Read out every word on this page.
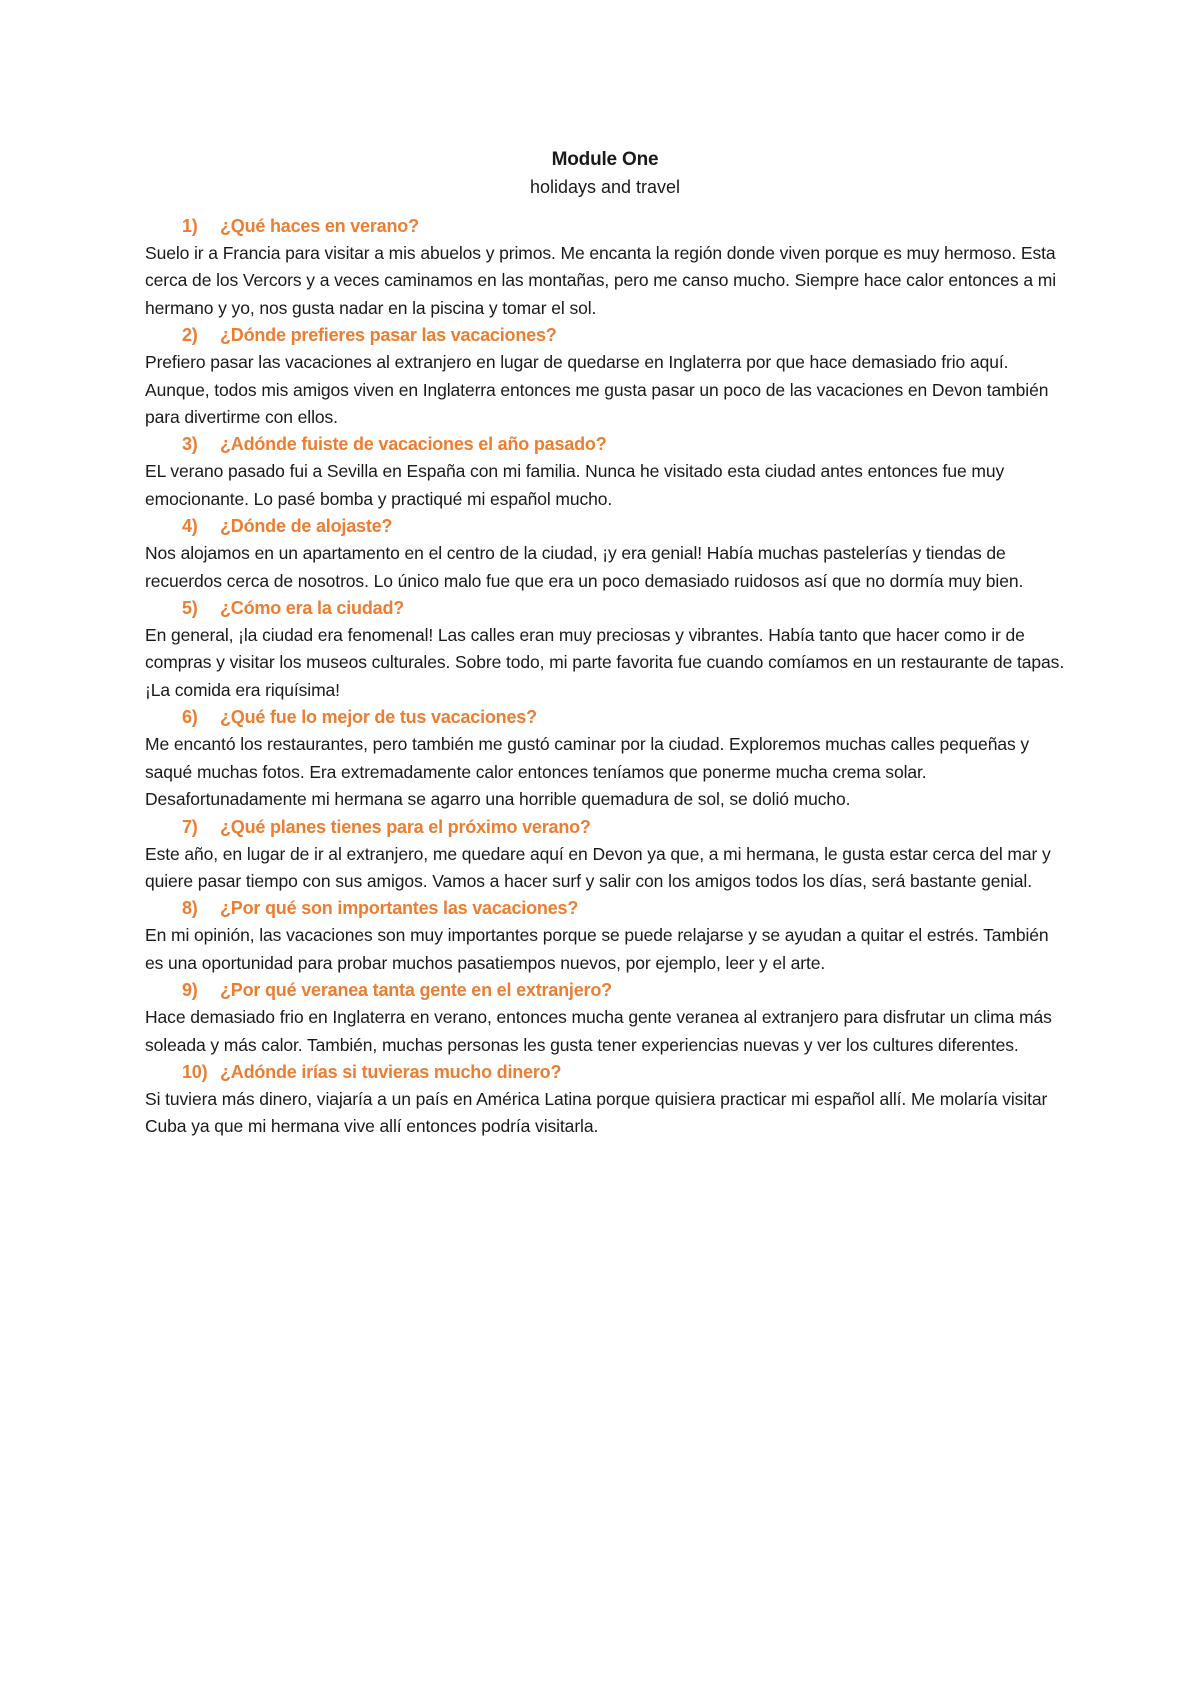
Module One

holidays and travel

1)	¿Qué haces en verano?

Suelo ir a Francia para visitar a mis abuelos y primos. Me encanta la región donde viven porque es muy hermoso. Esta cerca de los Vercors y a veces caminamos en las montañas, pero me canso mucho. Siempre hace calor entonces a mi hermano y yo, nos gusta nadar en la piscina y tomar el sol.

2)	¿Dónde prefieres pasar las vacaciones?

Prefiero pasar las vacaciones al extranjero en lugar de quedarse en Inglaterra por que hace demasiado frio aquí. Aunque, todos mis amigos viven en Inglaterra entonces me gusta pasar un poco de las vacaciones en Devon también para divertirme con ellos.

3)	¿Adónde fuiste de vacaciones el año pasado?

EL verano pasado fui a Sevilla en España con mi familia. Nunca he visitado esta ciudad antes entonces fue muy emocionante. Lo pasé bomba y practiqué mi español mucho.

4)	¿Dónde de alojaste?

Nos alojamos en un apartamento en el centro de la ciudad, ¡y era genial! Había muchas pastelerías y tiendas de recuerdos cerca de nosotros. Lo único malo fue que era un poco demasiado ruidosos así que no dormía muy bien.

5)	¿Cómo era la ciudad?

En general, ¡la ciudad era fenomenal! Las calles eran muy preciosas y vibrantes. Había tanto que hacer como ir de compras y visitar los museos culturales. Sobre todo, mi parte favorita fue cuando comíamos en un restaurante de tapas. ¡La comida era riquísima!

6)	¿Qué fue lo mejor de tus vacaciones?

Me encantó los restaurantes, pero también me gustó caminar por la ciudad. Exploremos muchas calles pequeñas y saqué muchas fotos. Era extremadamente calor entonces teníamos que ponerme mucha crema solar. Desafortunadamente mi hermana se agarro una horrible quemadura de sol, se dolió mucho.

7)	¿Qué planes tienes para el próximo verano?

Este año, en lugar de ir al extranjero, me quedare aquí en Devon ya que, a mi hermana, le gusta estar cerca del mar y quiere pasar tiempo con sus amigos. Vamos a hacer surf y salir con los amigos todos los días, será bastante genial.

8)	¿Por qué son importantes las vacaciones?

En mi opinión, las vacaciones son muy importantes porque se puede relajarse y se ayudan a quitar el estrés. También es una oportunidad para probar muchos pasatiempos nuevos, por ejemplo, leer y el arte.

9)	¿Por qué veranea tanta gente en el extranjero?

Hace demasiado frio en Inglaterra en verano, entonces mucha gente veranea al extranjero para disfrutar un clima más soleada y más calor. También, muchas personas les gusta tener experiencias nuevas y ver los cultures diferentes.

10) ¿Adónde irías si tuvieras mucho dinero?

Si tuviera más dinero, viajaría a un país en América Latina porque quisiera practicar mi español allí. Me molaría visitar Cuba ya que mi hermana vive allí entonces podría visitarla.
